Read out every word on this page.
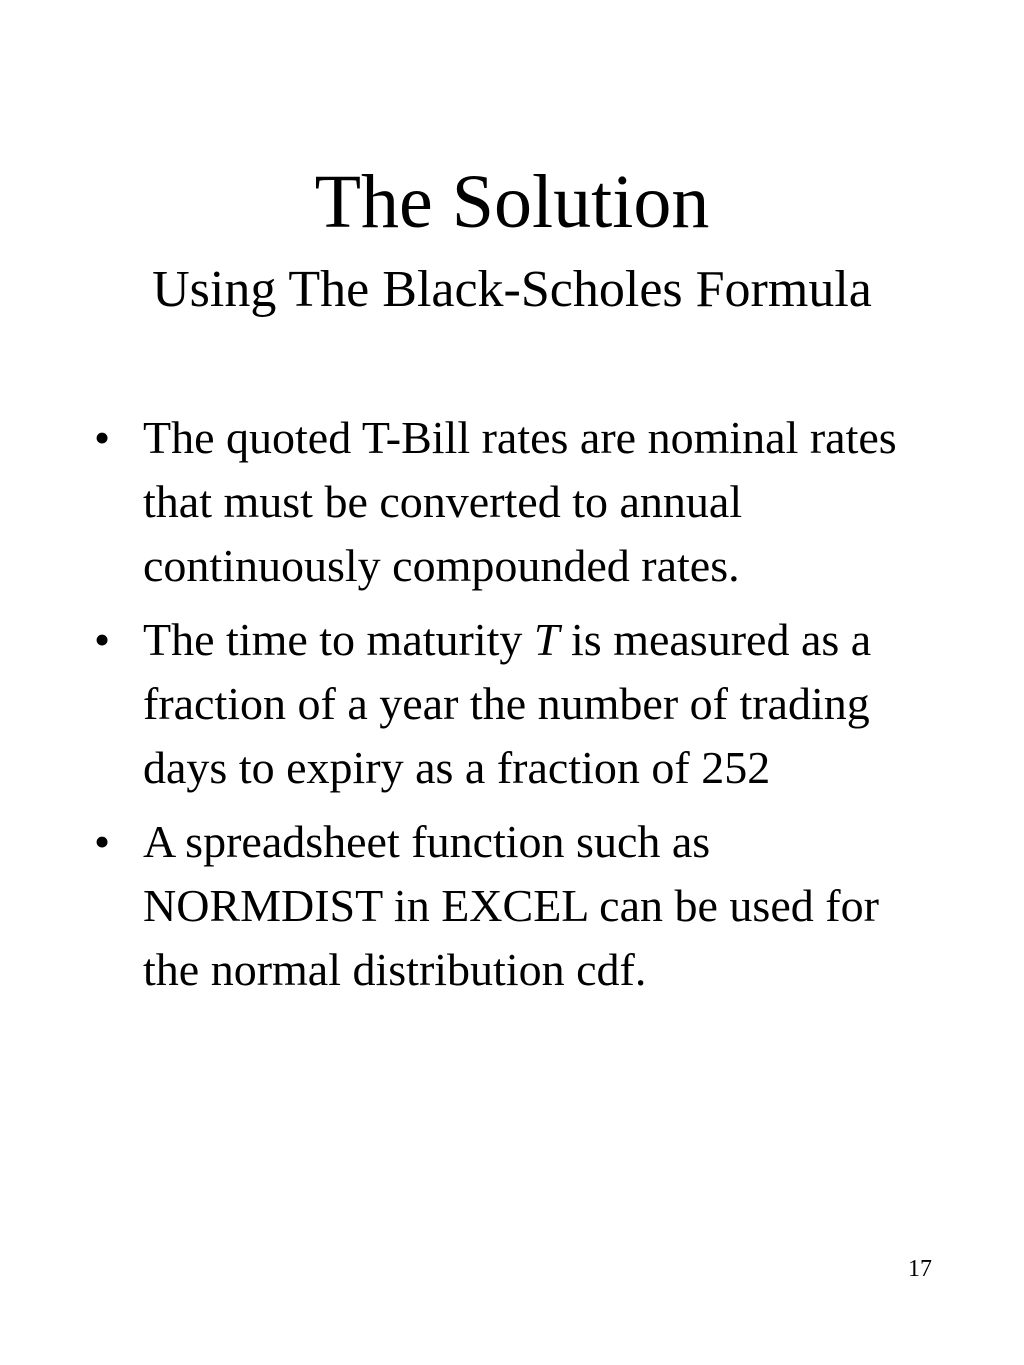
The Solution
Using The Black-Scholes Formula
• The quoted T-Bill rates are nominal rates that must be converted to annual continuously compounded rates.
• The time to maturity T is measured as a fraction of a year the number of trading days to expiry as a fraction of 252
• A spreadsheet function such as NORMDIST in EXCEL can be used for the normal distribution cdf.
17
